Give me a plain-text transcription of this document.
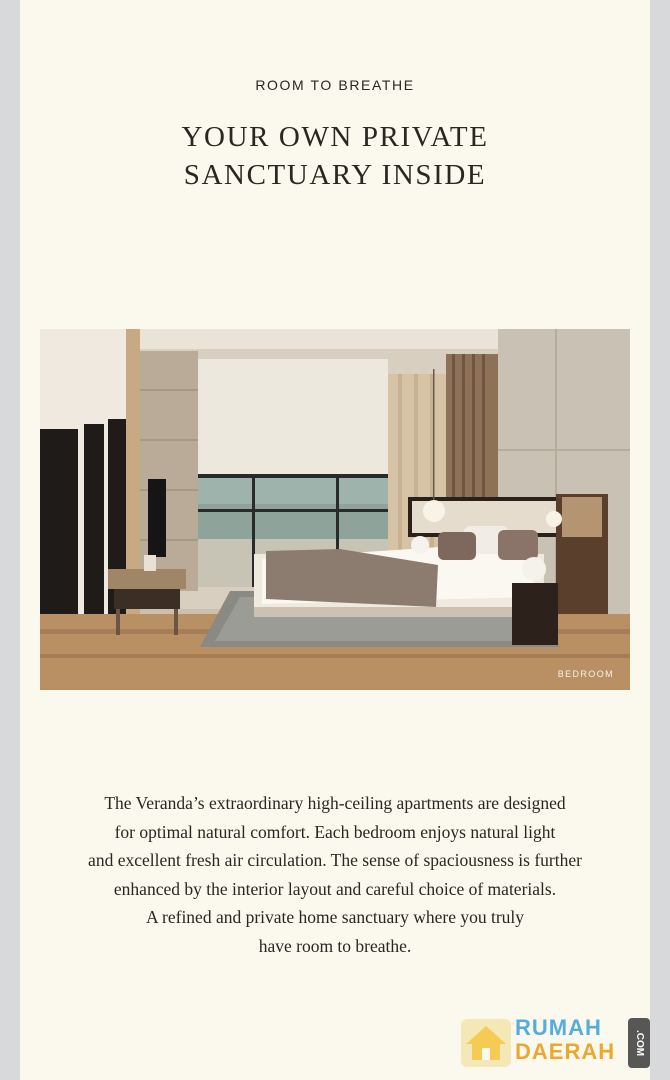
ROOM TO BREATHE
YOUR OWN PRIVATE
SANCTUARY INSIDE
BEDROOM
The Veranda’s extraordinary high-ceiling apartments are designed
for optimal natural comfort. Each bedroom enjoys natural light
and excellent fresh air circulation. The sense of spaciousness is further
enhanced by the interior layout and careful choice of materials.
A refined and private home sanctuary where you truly
have room to breathe.
RUMAH
DAERAH	.COM
